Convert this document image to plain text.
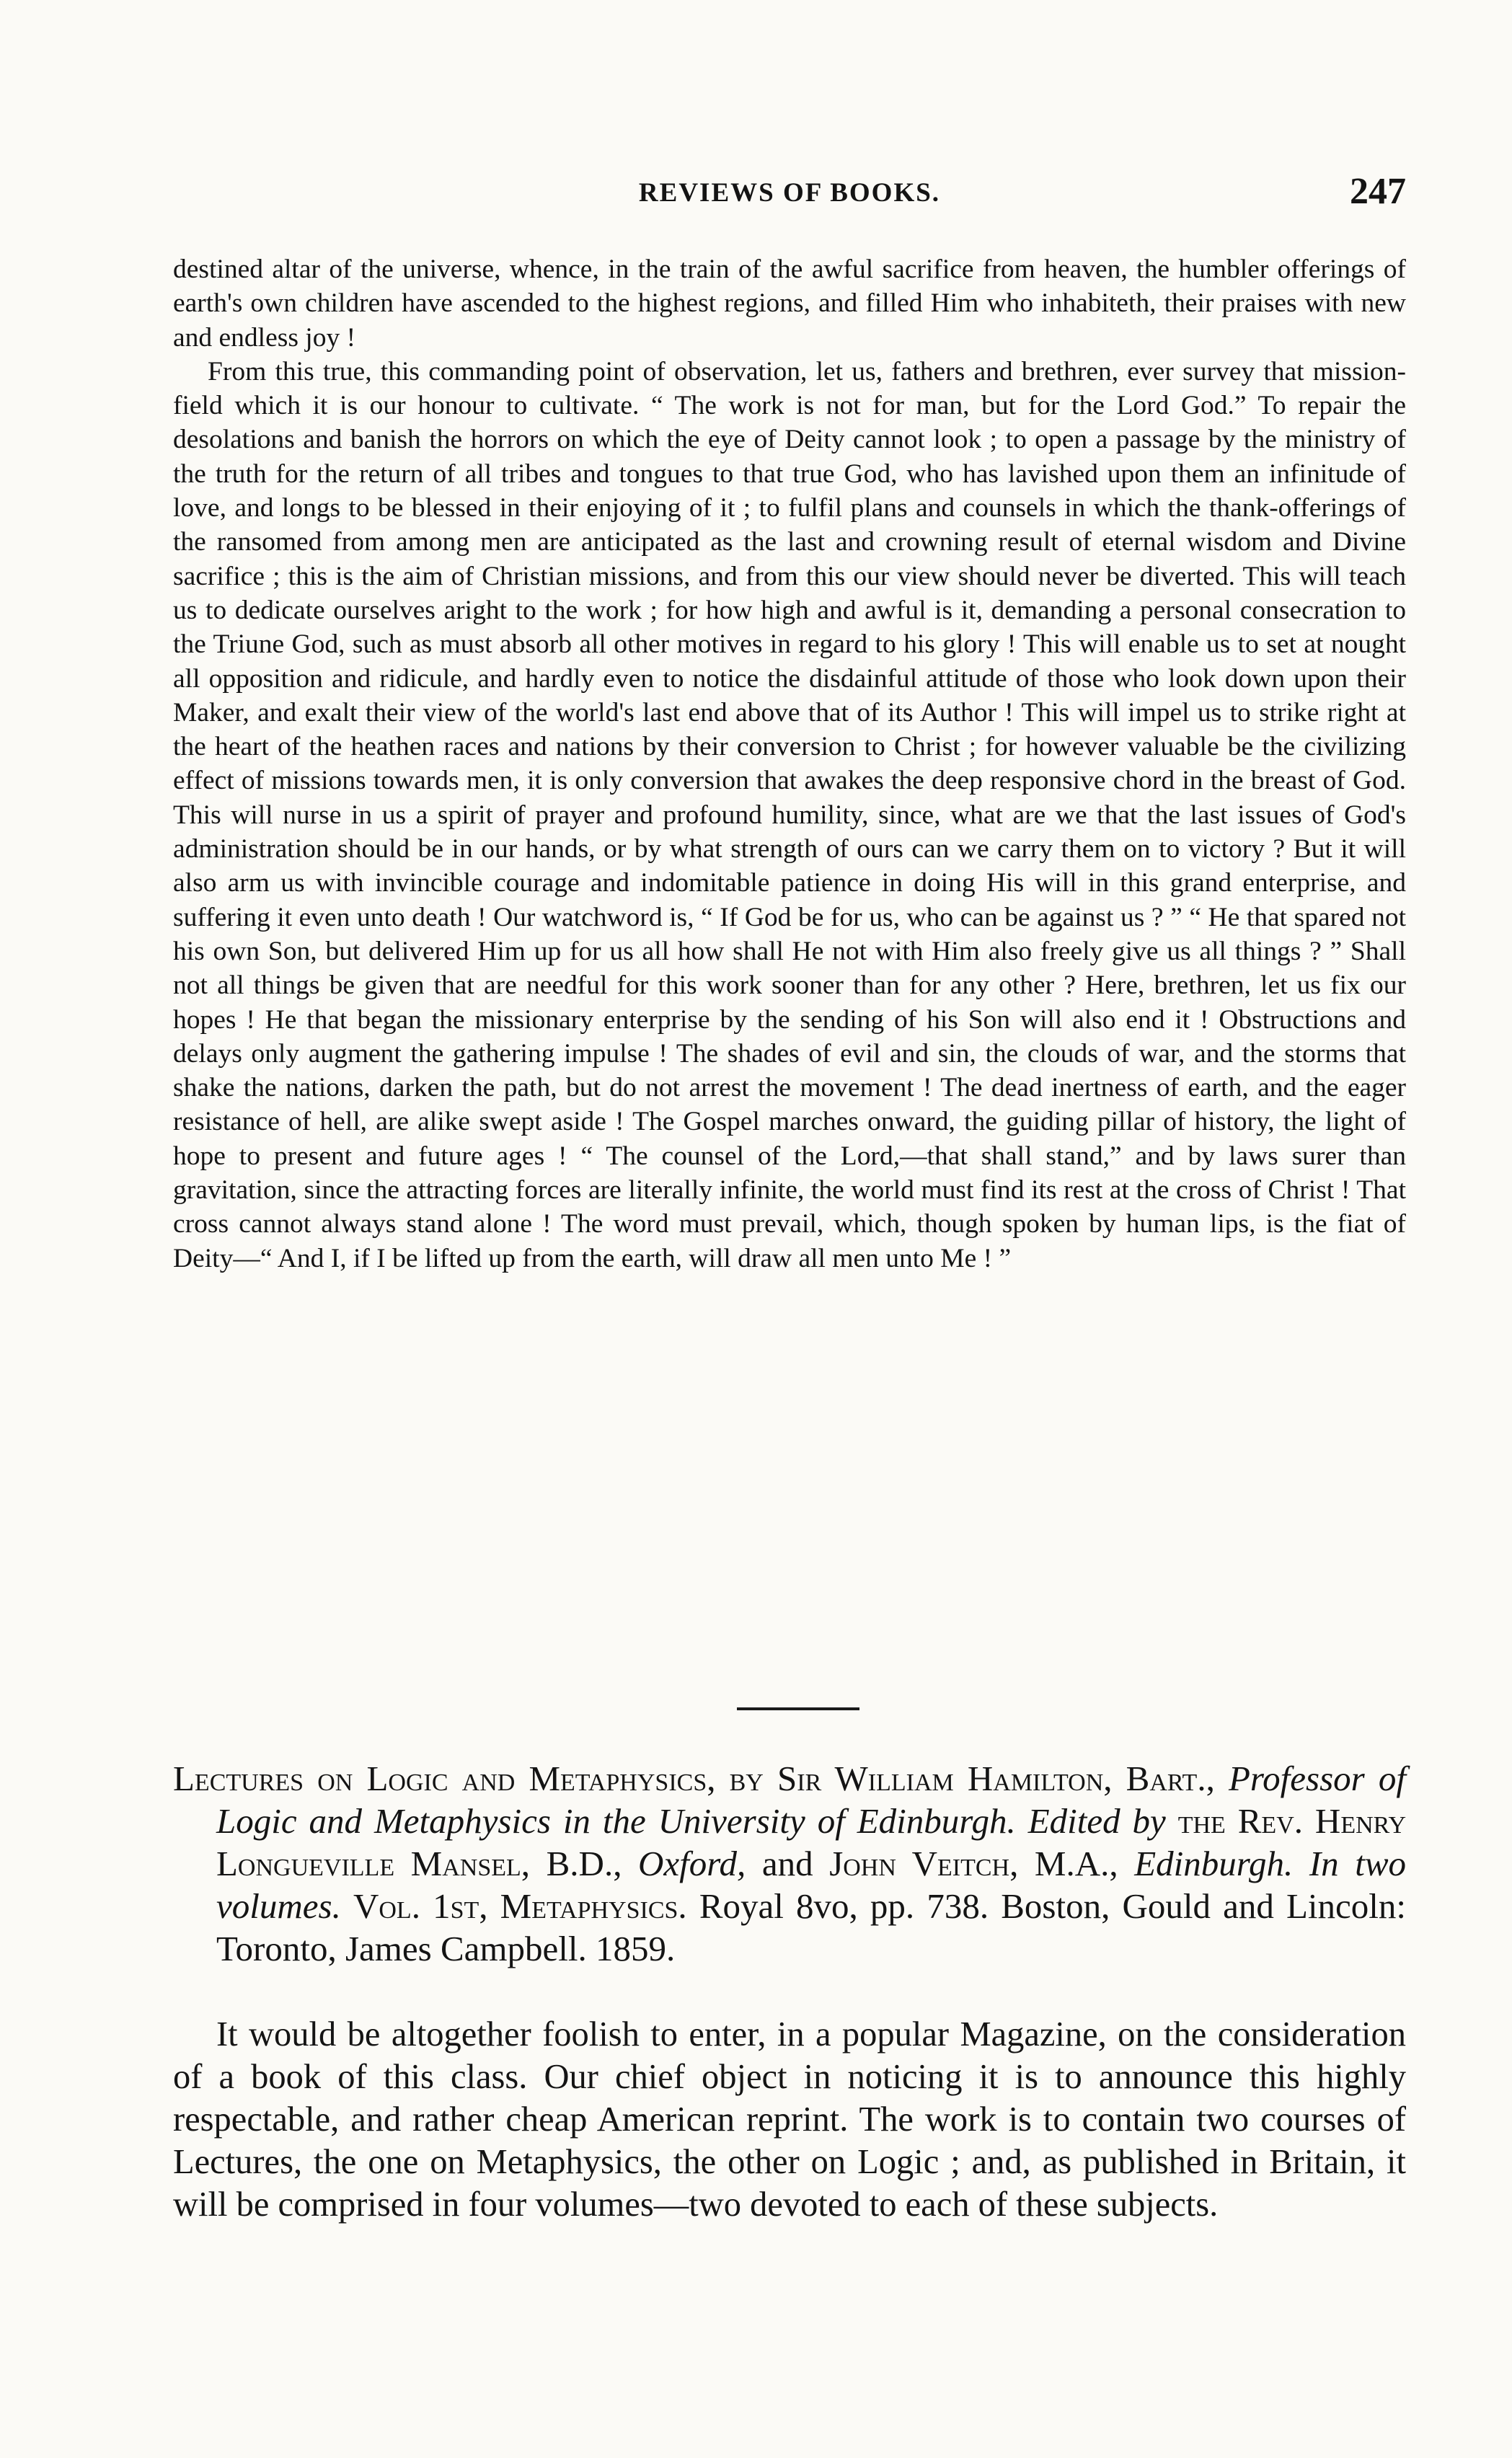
REVIEWS OF BOOKS.	247

destined altar of the universe, whence, in the train of the awful sacrifice from heaven, the humbler offerings of earth's own children have ascended to the highest regions, and filled Him who inhabiteth, their praises with new and endless joy !

From this true, this commanding point of observation, let us, fathers and brethren, ever survey that mission-field which it is our honour to cultivate. “ The work is not for man, but for the Lord God.” To repair the desolations and banish the horrors on which the eye of Deity cannot look ; to open a passage by the ministry of the truth for the return of all tribes and tongues to that true God, who has lavished upon them an infinitude of love, and longs to be blessed in their enjoying of it ; to fulfil plans and counsels in which the thank-offerings of the ransomed from among men are anticipated as the last and crowning result of eternal wisdom and Divine sacrifice ; this is the aim of Christian missions, and from this our view should never be diverted. This will teach us to dedicate ourselves aright to the work ; for how high and awful is it, demanding a personal consecration to the Triune God, such as must absorb all other motives in regard to his glory ! This will enable us to set at nought all opposition and ridicule, and hardly even to notice the disdainful attitude of those who look down upon their Maker, and exalt their view of the world's last end above that of its Author ! This will impel us to strike right at the heart of the heathen races and nations by their conversion to Christ ; for however valuable be the civilizing effect of missions towards men, it is only conversion that awakes the deep responsive chord in the breast of God. This will nurse in us a spirit of prayer and profound humility, since, what are we that the last issues of God's administration should be in our hands, or by what strength of ours can we carry them on to victory ? But it will also arm us with invincible courage and indomitable patience in doing His will in this grand enterprise, and suffering it even unto death ! Our watchword is, “ If God be for us, who can be against us ? ” “ He that spared not his own Son, but delivered Him up for us all how shall He not with Him also freely give us all things ? ” Shall not all things be given that are needful for this work sooner than for any other ? Here, brethren, let us fix our hopes ! He that began the missionary enterprise by the sending of his Son will also end it ! Obstructions and delays only augment the gathering impulse ! The shades of evil and sin, the clouds of war, and the storms that shake the nations, darken the path, but do not arrest the movement ! The dead inertness of earth, and the eager resistance of hell, are alike swept aside ! The Gospel marches onward, the guiding pillar of history, the light of hope to present and future ages ! “ The counsel of the Lord,—that shall stand,” and by laws surer than gravitation, since the attracting forces are literally infinite, the world must find its rest at the cross of Christ ! That cross cannot always stand alone ! The word must prevail, which, though spoken by human lips, is the fiat of Deity—“ And I, if I be lifted up from the earth, will draw all men unto Me ! ”

Lectures on Logic and Metaphysics, by Sir William Hamilton, Bart., Professor of Logic and Metaphysics in the University of Edinburgh. Edited by the Rev. Henry Longueville Mansel, B.D., Oxford, and John Veitch, M.A., Edinburgh. In two volumes. Vol. 1st, Metaphysics. Royal 8vo, pp. 738. Boston, Gould and Lincoln: Toronto, James Campbell. 1859.

It would be altogether foolish to enter, in a popular Magazine, on the consideration of a book of this class. Our chief object in noticing it is to announce this highly respectable, and rather cheap American reprint. The work is to contain two courses of Lectures, the one on Metaphysics, the other on Logic ; and, as published in Britain, it will be comprised in four volumes—two devoted to each of these subjects.
